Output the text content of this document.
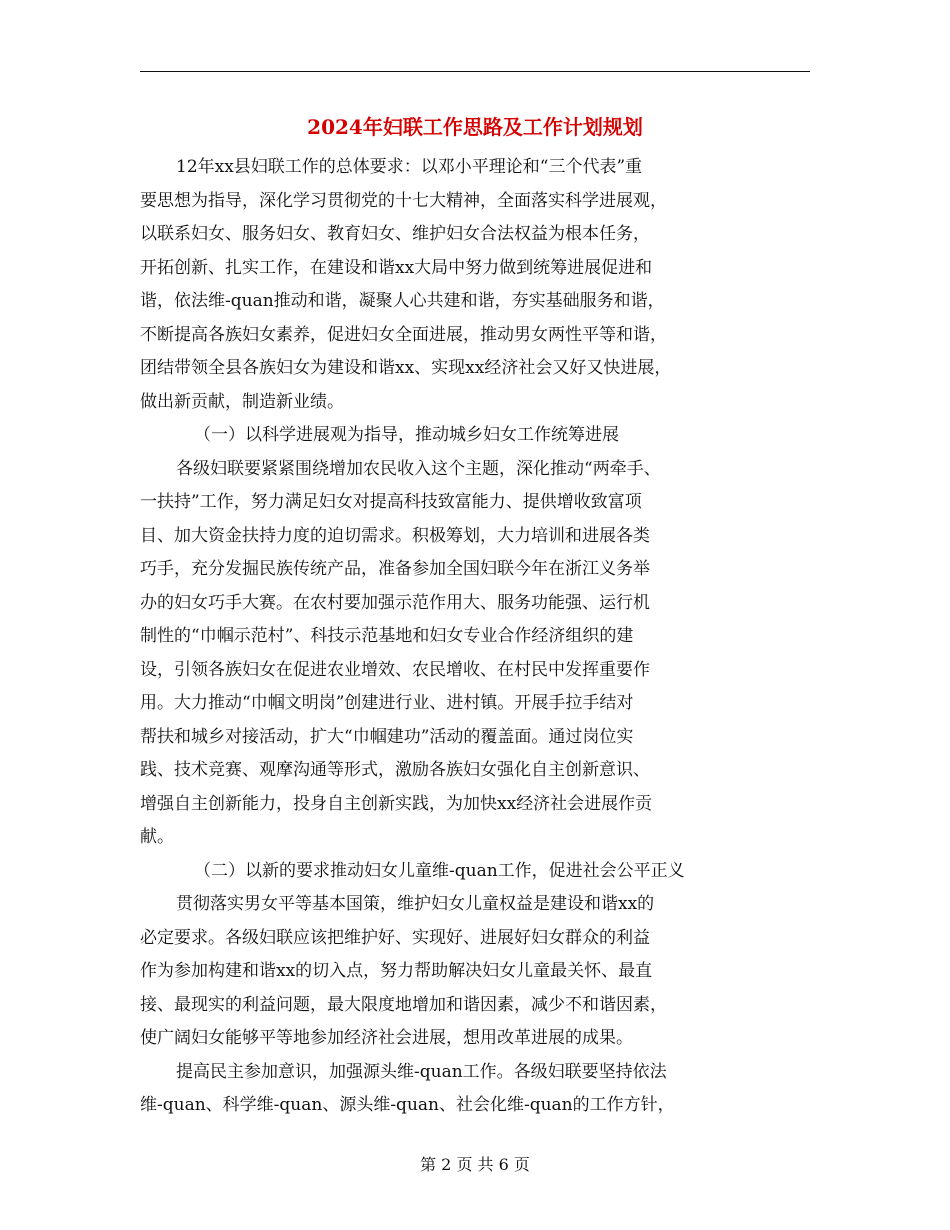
2024年妇联工作思路及工作计划规划
12年xx县妇联工作的总体要求：以邓小平理论和“三个代表”重
要思想为指导，深化学习贯彻党的十七大精神，全面落实科学进展观，
以联系妇女、服务妇女、教育妇女、维护妇女合法权益为根本任务，
开拓创新、扎实工作，在建设和谐xx大局中努力做到统筹进展促进和
谐，依法维-quan推动和谐，凝聚人心共建和谐，夯实基础服务和谐，
不断提高各族妇女素养，促进妇女全面进展，推动男女两性平等和谐，
团结带领全县各族妇女为建设和谐xx、实现xx经济社会又好又快进展，
做出新贡献，制造新业绩。
（一）以科学进展观为指导，推动城乡妇女工作统筹进展
各级妇联要紧紧围绕增加农民收入这个主题，深化推动“两牵手、
一扶持”工作，努力满足妇女对提高科技致富能力、提供增收致富项
目、加大资金扶持力度的迫切需求。积极筹划，大力培训和进展各类
巧手，充分发掘民族传统产品，准备参加全国妇联今年在浙江义务举
办的妇女巧手大赛。在农村要加强示范作用大、服务功能强、运行机
制性的“巾帼示范村”、科技示范基地和妇女专业合作经济组织的建
设，引领各族妇女在促进农业增效、农民增收、在村民中发挥重要作
用。大力推动“巾帼文明岗”创建进行业、进村镇。开展手拉手结对
帮扶和城乡对接活动，扩大“巾帼建功”活动的覆盖面。通过岗位实
践、技术竞赛、观摩沟通等形式，激励各族妇女强化自主创新意识、
增强自主创新能力，投身自主创新实践，为加快xx经济社会进展作贡
献。
（二）以新的要求推动妇女儿童维-quan工作，促进社会公平正义
贯彻落实男女平等基本国策，维护妇女儿童权益是建设和谐xx的
必定要求。各级妇联应该把维护好、实现好、进展好妇女群众的利益
作为参加构建和谐xx的切入点，努力帮助解决妇女儿童最关怀、最直
接、最现实的利益问题，最大限度地增加和谐因素，减少不和谐因素，
使广阔妇女能够平等地参加经济社会进展，想用改革进展的成果。
提高民主参加意识，加强源头维-quan工作。各级妇联要坚持依法
维-quan、科学维-quan、源头维-quan、社会化维-quan的工作方针，
第 2 页 共 6 页
